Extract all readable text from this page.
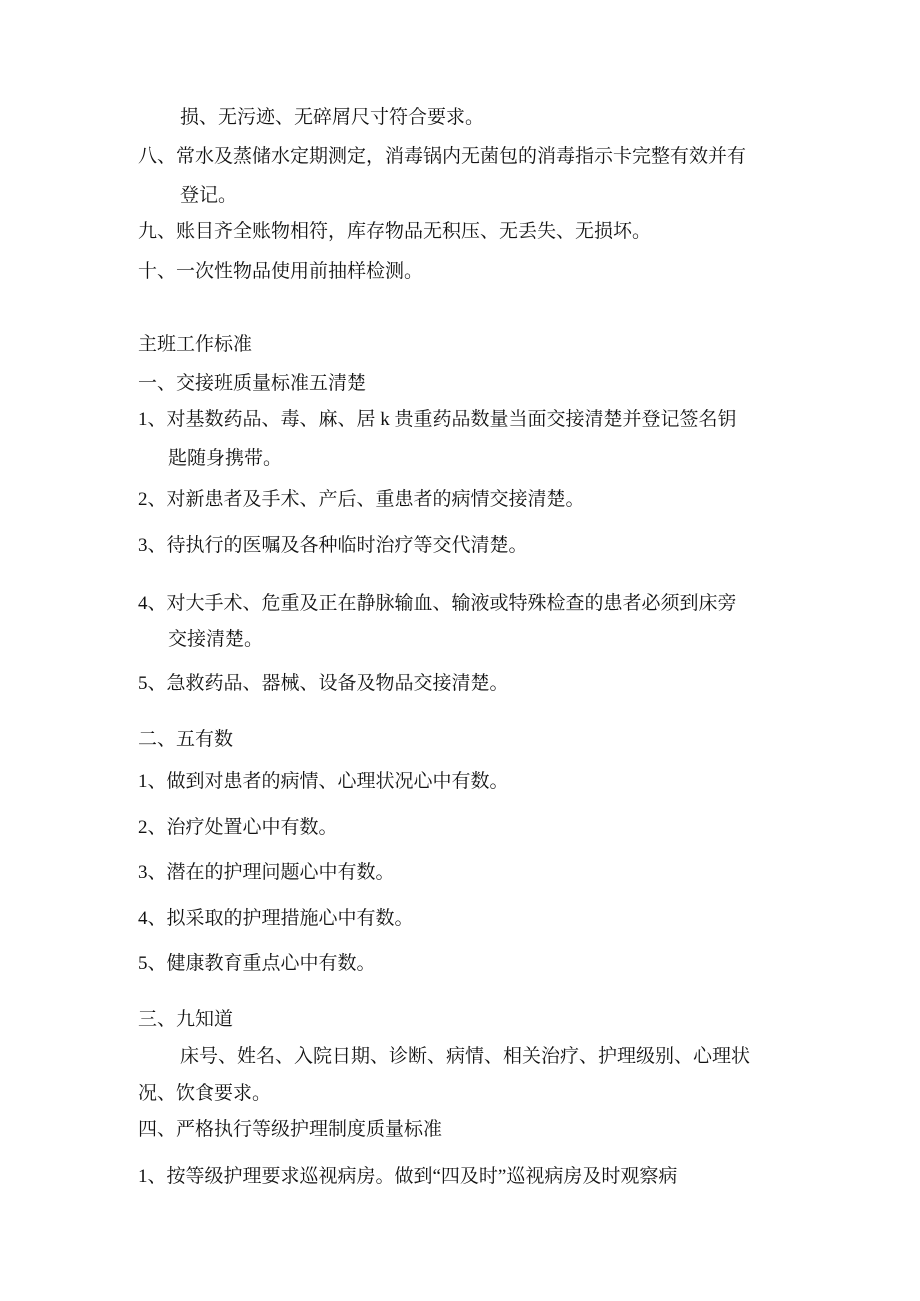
损、无污迹、无碎屑尺寸符合要求。
八、常水及蒸储水定期测定，消毒锅内无菌包的消毒指示卡完整有效并有
登记。
九、账目齐全账物相符，库存物品无积压、无丢失、无损坏。
十、一次性物品使用前抽样检测。
主班工作标准
一、交接班质量标准五清楚
1、对基数药品、毒、麻、居 k 贵重药品数量当面交接清楚并登记签名钥
匙随身携带。
2、对新患者及手术、产后、重患者的病情交接清楚。
3、待执行的医嘱及各种临时治疗等交代清楚。
4、对大手术、危重及正在静脉输血、输液或特殊检查的患者必须到床旁
交接清楚。
5、急救药品、器械、设备及物品交接清楚。
二、五有数
1、做到对患者的病情、心理状况心中有数。
2、治疗处置心中有数。
3、潜在的护理问题心中有数。
4、拟采取的护理措施心中有数。
5、健康教育重点心中有数。
三、九知道
床号、姓名、入院日期、诊断、病情、相关治疗、护理级别、心理状
况、饮食要求。
四、严格执行等级护理制度质量标准
1、按等级护理要求巡视病房。做到“四及时”巡视病房及时观察病
